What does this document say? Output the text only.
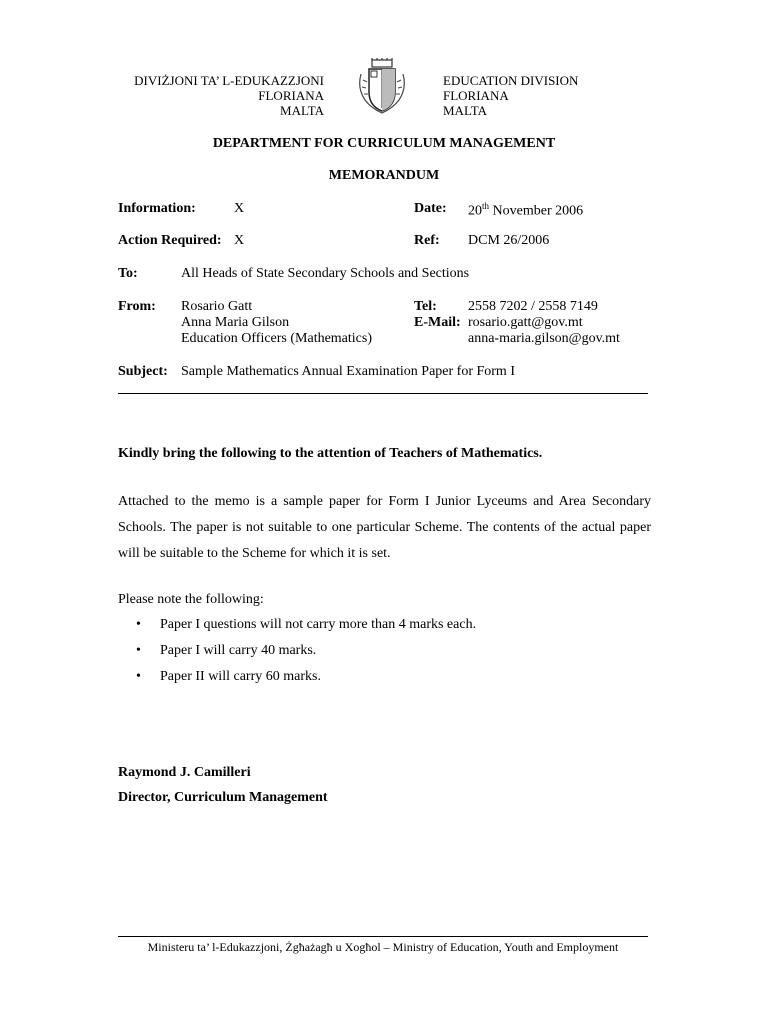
DIVIŻJONI TA’ L-EDUKAZZJONI
FLORIANA
MALTA
EDUCATION DIVISION
FLORIANA
MALTA
DEPARTMENT FOR CURRICULUM MANAGEMENT
MEMORANDUM
Information:	X	Date: 20th November 2006
Action Required: X	Ref: DCM 26/2006
To:	All Heads of State Secondary Schools and Sections
From: Rosario Gatt
Anna Maria Gilson
Education Officers (Mathematics)
Tel: 2558 7202 / 2558 7149
E-Mail: rosario.gatt@gov.mt
anna-maria.gilson@gov.mt
Subject: Sample Mathematics Annual Examination Paper for Form I
Kindly bring the following to the attention of Teachers of Mathematics.
Attached to the memo is a sample paper for Form I Junior Lyceums and Area Secondary Schools. The paper is not suitable to one particular Scheme. The contents of the actual paper will be suitable to the Scheme for which it is set.
Please note the following:
• Paper I questions will not carry more than 4 marks each.
• Paper I will carry 40 marks.
• Paper II will carry 60 marks.
Raymond J. Camilleri
Director, Curriculum Management
Ministeru ta’ l-Edukazzjoni, Żgħażagħ u Xogħol – Ministry of Education, Youth and Employment
